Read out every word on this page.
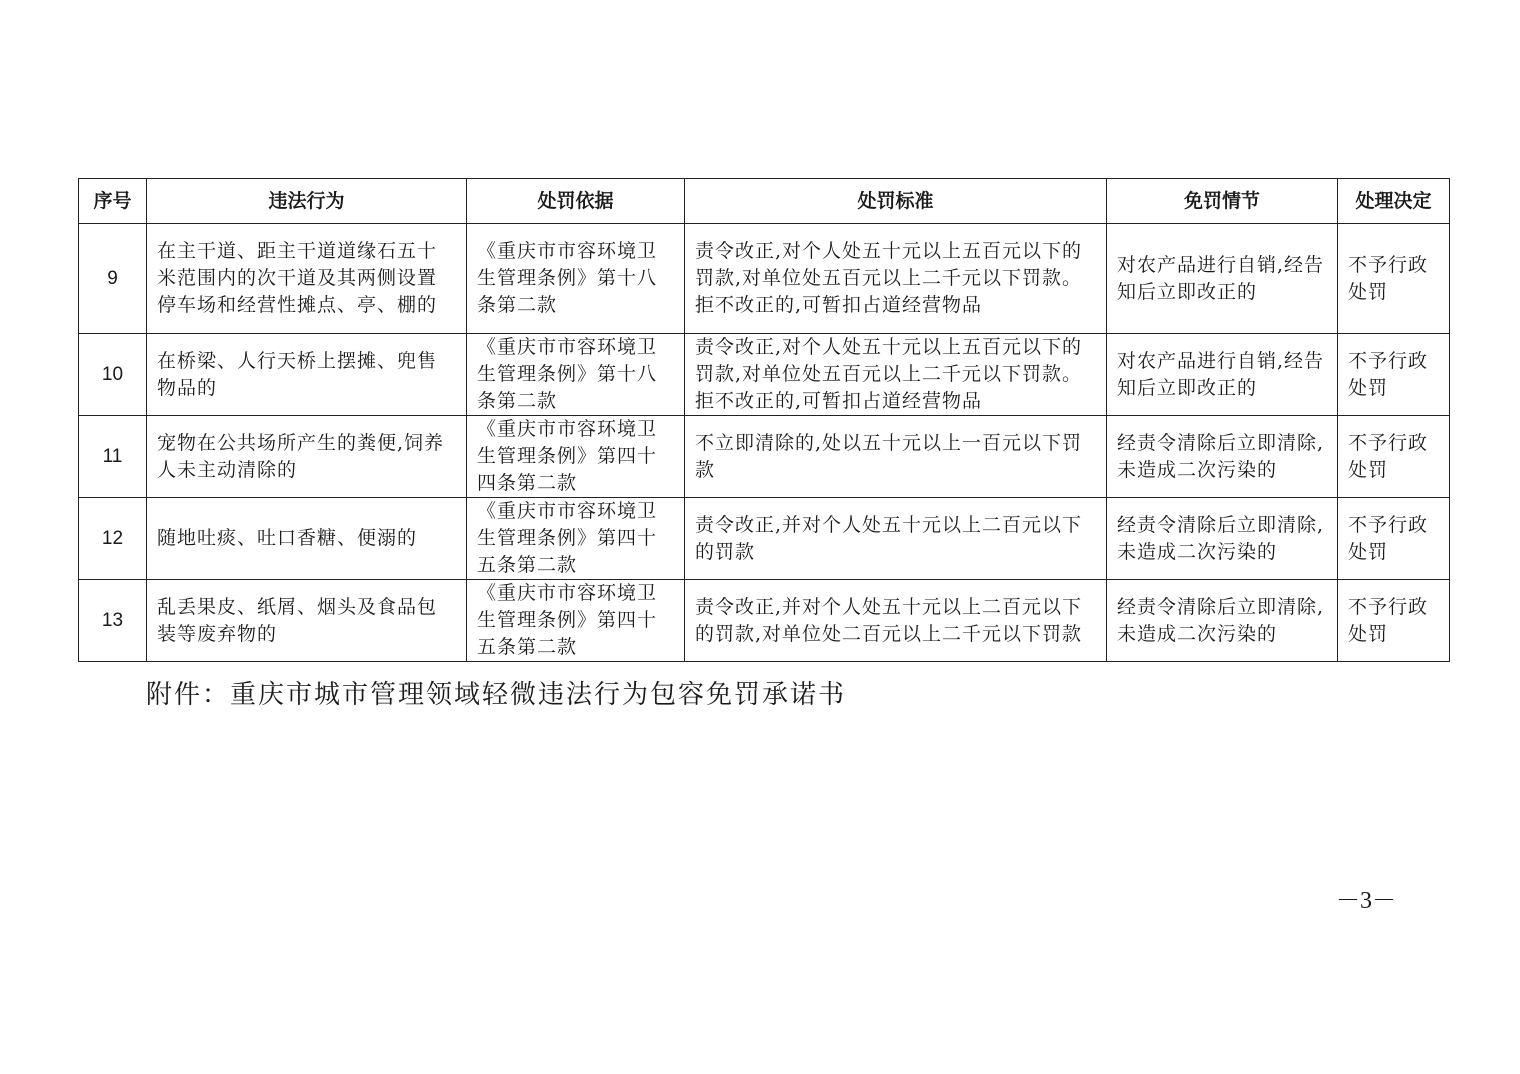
序号	违法行为	处罚依据	处罚标准	免罚情节	处理决定
9	在主干道、距主干道道缘石五十米范围内的次干道及其两侧设置停车场和经营性摊点、亭、棚的	《重庆市市容环境卫生管理条例》第十八条第二款	责令改正,对个人处五十元以上五百元以下的罚款,对单位处五百元以上二千元以下罚款。拒不改正的,可暂扣占道经营物品	对农产品进行自销,经告知后立即改正的	不予行政处罚
10	在桥梁、人行天桥上摆摊、兜售物品的	《重庆市市容环境卫生管理条例》第十八条第二款	责令改正,对个人处五十元以上五百元以下的罚款,对单位处五百元以上二千元以下罚款。拒不改正的,可暂扣占道经营物品	对农产品进行自销,经告知后立即改正的	不予行政处罚
11	宠物在公共场所产生的粪便,饲养人未主动清除的	《重庆市市容环境卫生管理条例》第四十四条第二款	不立即清除的,处以五十元以上一百元以下罚款	经责令清除后立即清除,未造成二次污染的	不予行政处罚
12	随地吐痰、吐口香糖、便溺的	《重庆市市容环境卫生管理条例》第四十五条第二款	责令改正,并对个人处五十元以上二百元以下的罚款	经责令清除后立即清除,未造成二次污染的	不予行政处罚
13	乱丢果皮、纸屑、烟头及食品包装等废弃物的	《重庆市市容环境卫生管理条例》第四十五条第二款	责令改正,并对个人处五十元以上二百元以下的罚款,对单位处二百元以上二千元以下罚款	经责令清除后立即清除,未造成二次污染的	不予行政处罚
附件：重庆市城市管理领域轻微违法行为包容免罚承诺书
－3－
